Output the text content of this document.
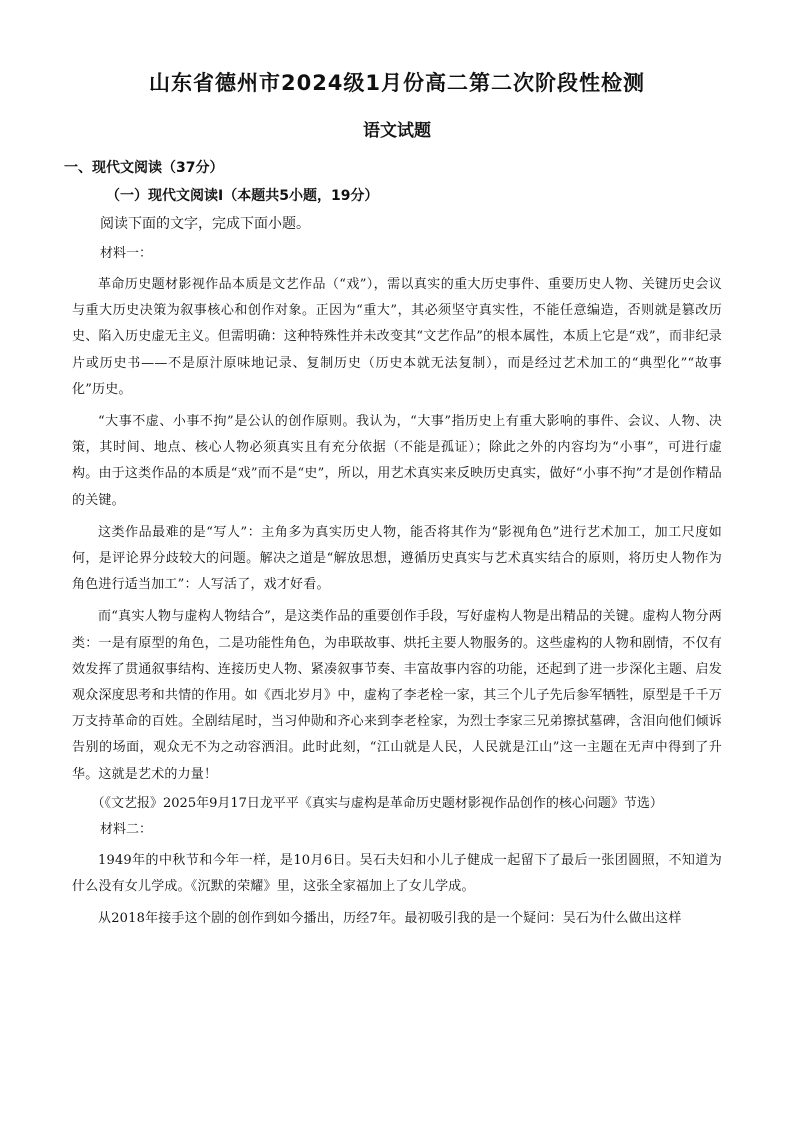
山东省德州市2024级1月份高二第二次阶段性检测
语文试题
一、现代文阅读（37分）
（一）现代文阅读Ⅰ（本题共5小题，19分）
阅读下面的文字，完成下面小题。
材料一：

革命历史题材影视作品本质是文艺作品（“戏”），需以真实的重大历史事件、重要历史人物、关键历史会议与重大历史决策为叙事核心和创作对象。正因为“重大”，其必须坚守真实性，不能任意编造，否则就是篡改历史、陷入历史虚无主义。但需明确：这种特殊性并未改变其“文艺作品”的根本属性，本质上它是“戏”，而非纪录片或历史书——不是原汁原味地记录、复制历史（历史本就无法复制），而是经过艺术加工的“典型化”“故事化”历史。

“大事不虚、小事不拘”是公认的创作原则。我认为，“大事”指历史上有重大影响的事件、会议、人物、决策，其时间、地点、核心人物必须真实且有充分依据（不能是孤证）；除此之外的内容均为“小事”，可进行虚构。由于这类作品的本质是“戏”而不是“史”，所以，用艺术真实来反映历史真实，做好“小事不拘”才是创作精品的关键。

这类作品最难的是“写人”：主角多为真实历史人物，能否将其作为“影视角色”进行艺术加工，加工尺度如何，是评论界分歧较大的问题。解决之道是“解放思想，遵循历史真实与艺术真实结合的原则，将历史人物作为角色进行适当加工”：人写活了，戏才好看。

而“真实人物与虚构人物结合”，是这类作品的重要创作手段，写好虚构人物是出精品的关键。虚构人物分两类：一是有原型的角色，二是功能性角色，为串联故事、烘托主要人物服务的。这些虚构的人物和剧情，不仅有效发挥了贯通叙事结构、连接历史人物、紧凑叙事节奏、丰富故事内容的功能，还起到了进一步深化主题、启发观众深度思考和共情的作用。如《西北岁月》中，虚构了李老栓一家，其三个儿子先后参军牺牲，原型是千千万万支持革命的百姓。全剧结尾时，当习仲勋和齐心来到李老栓家，为烈士李家三兄弟擦拭墓碑，含泪向他们倾诉告别的场面，观众无不为之动容洒泪。此时此刻，“江山就是人民，人民就是江山”这一主题在无声中得到了升华。这就是艺术的力量！

（《文艺报》2025年9月17日龙平平《真实与虚构是革命历史题材影视作品创作的核心问题》节选）
材料二：

1949年的中秋节和今年一样，是10月6日。吴石夫妇和小儿子健成一起留下了最后一张团圆照，不知道为什么没有女儿学成。《沉默的荣耀》里，这张全家福加上了女儿学成。

从2018年接手这个剧的创作到如今播出，历经7年。最初吸引我的是一个疑问：吴石为什么做出这样
